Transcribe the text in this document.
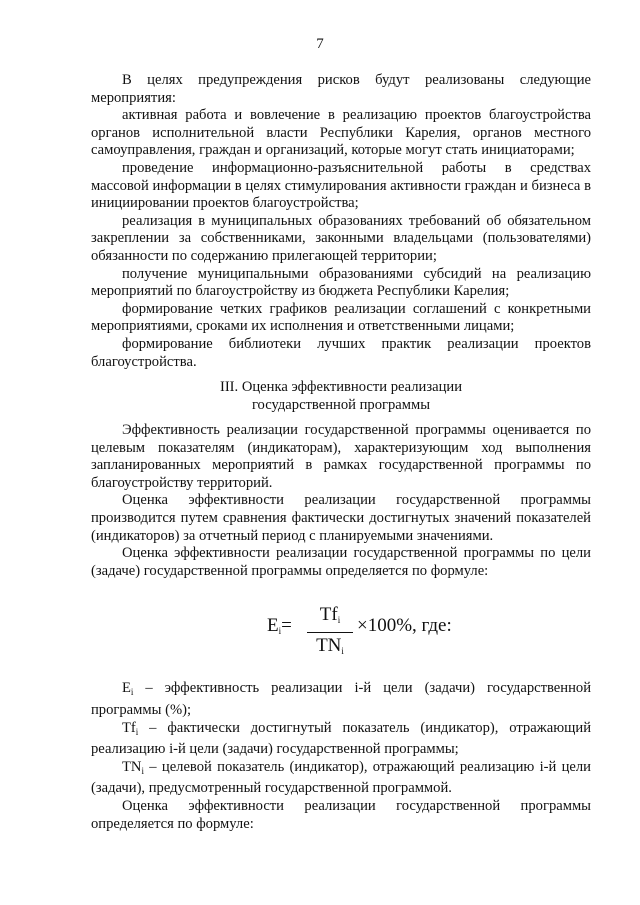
7

В целях предупреждения рисков будут реализованы следующие мероприятия:

активная работа и вовлечение в реализацию проектов благоустройства органов исполнительной власти Республики Карелия, органов местного самоуправления, граждан и организаций, которые могут стать инициаторами;

проведение информационно-разъяснительной работы в средствах массовой информации в целях стимулирования активности граждан и бизнеса в инициировании проектов благоустройства;

реализация в муниципальных образованиях требований об обязательном закреплении за собственниками, законными владельцами (пользователями) обязанности по содержанию прилегающей территории;

получение муниципальными образованиями субсидий на реализацию мероприятий по благоустройству из бюджета Республики Карелия;

формирование четких графиков реализации соглашений с конкретными мероприятиями, сроками их исполнения и ответственными лицами;

формирование библиотеки лучших практик реализации проектов благоустройства.

III. Оценка эффективности реализации
государственной программы

Эффективность реализации государственной программы оценивается по целевым показателям (индикаторам), характеризующим ход выполнения запланированных мероприятий в рамках государственной программы по благоустройству территорий.

Оценка эффективности реализации государственной программы производится путем сравнения фактически достигнутых значений показателей (индикаторов) за отчетный период с планируемыми значениями.

Оценка эффективности реализации государственной программы по цели (задаче) государственной программы определяется по формуле:

$E_i=$
$Tf_i$
$TN_i$
×100%, где:

$E_i$ – эффективность реализации i-й цели (задачи) государственной программы (%);

$Tf_i$ – фактически достигнутый показатель (индикатор), отражающий реализацию i-й цели (задачи) государственной программы;

$TN_i$ – целевой показатель (индикатор), отражающий реализацию i-й цели (задачи), предусмотренный государственной программой.

Оценка эффективности реализации государственной программы определяется по формуле:
